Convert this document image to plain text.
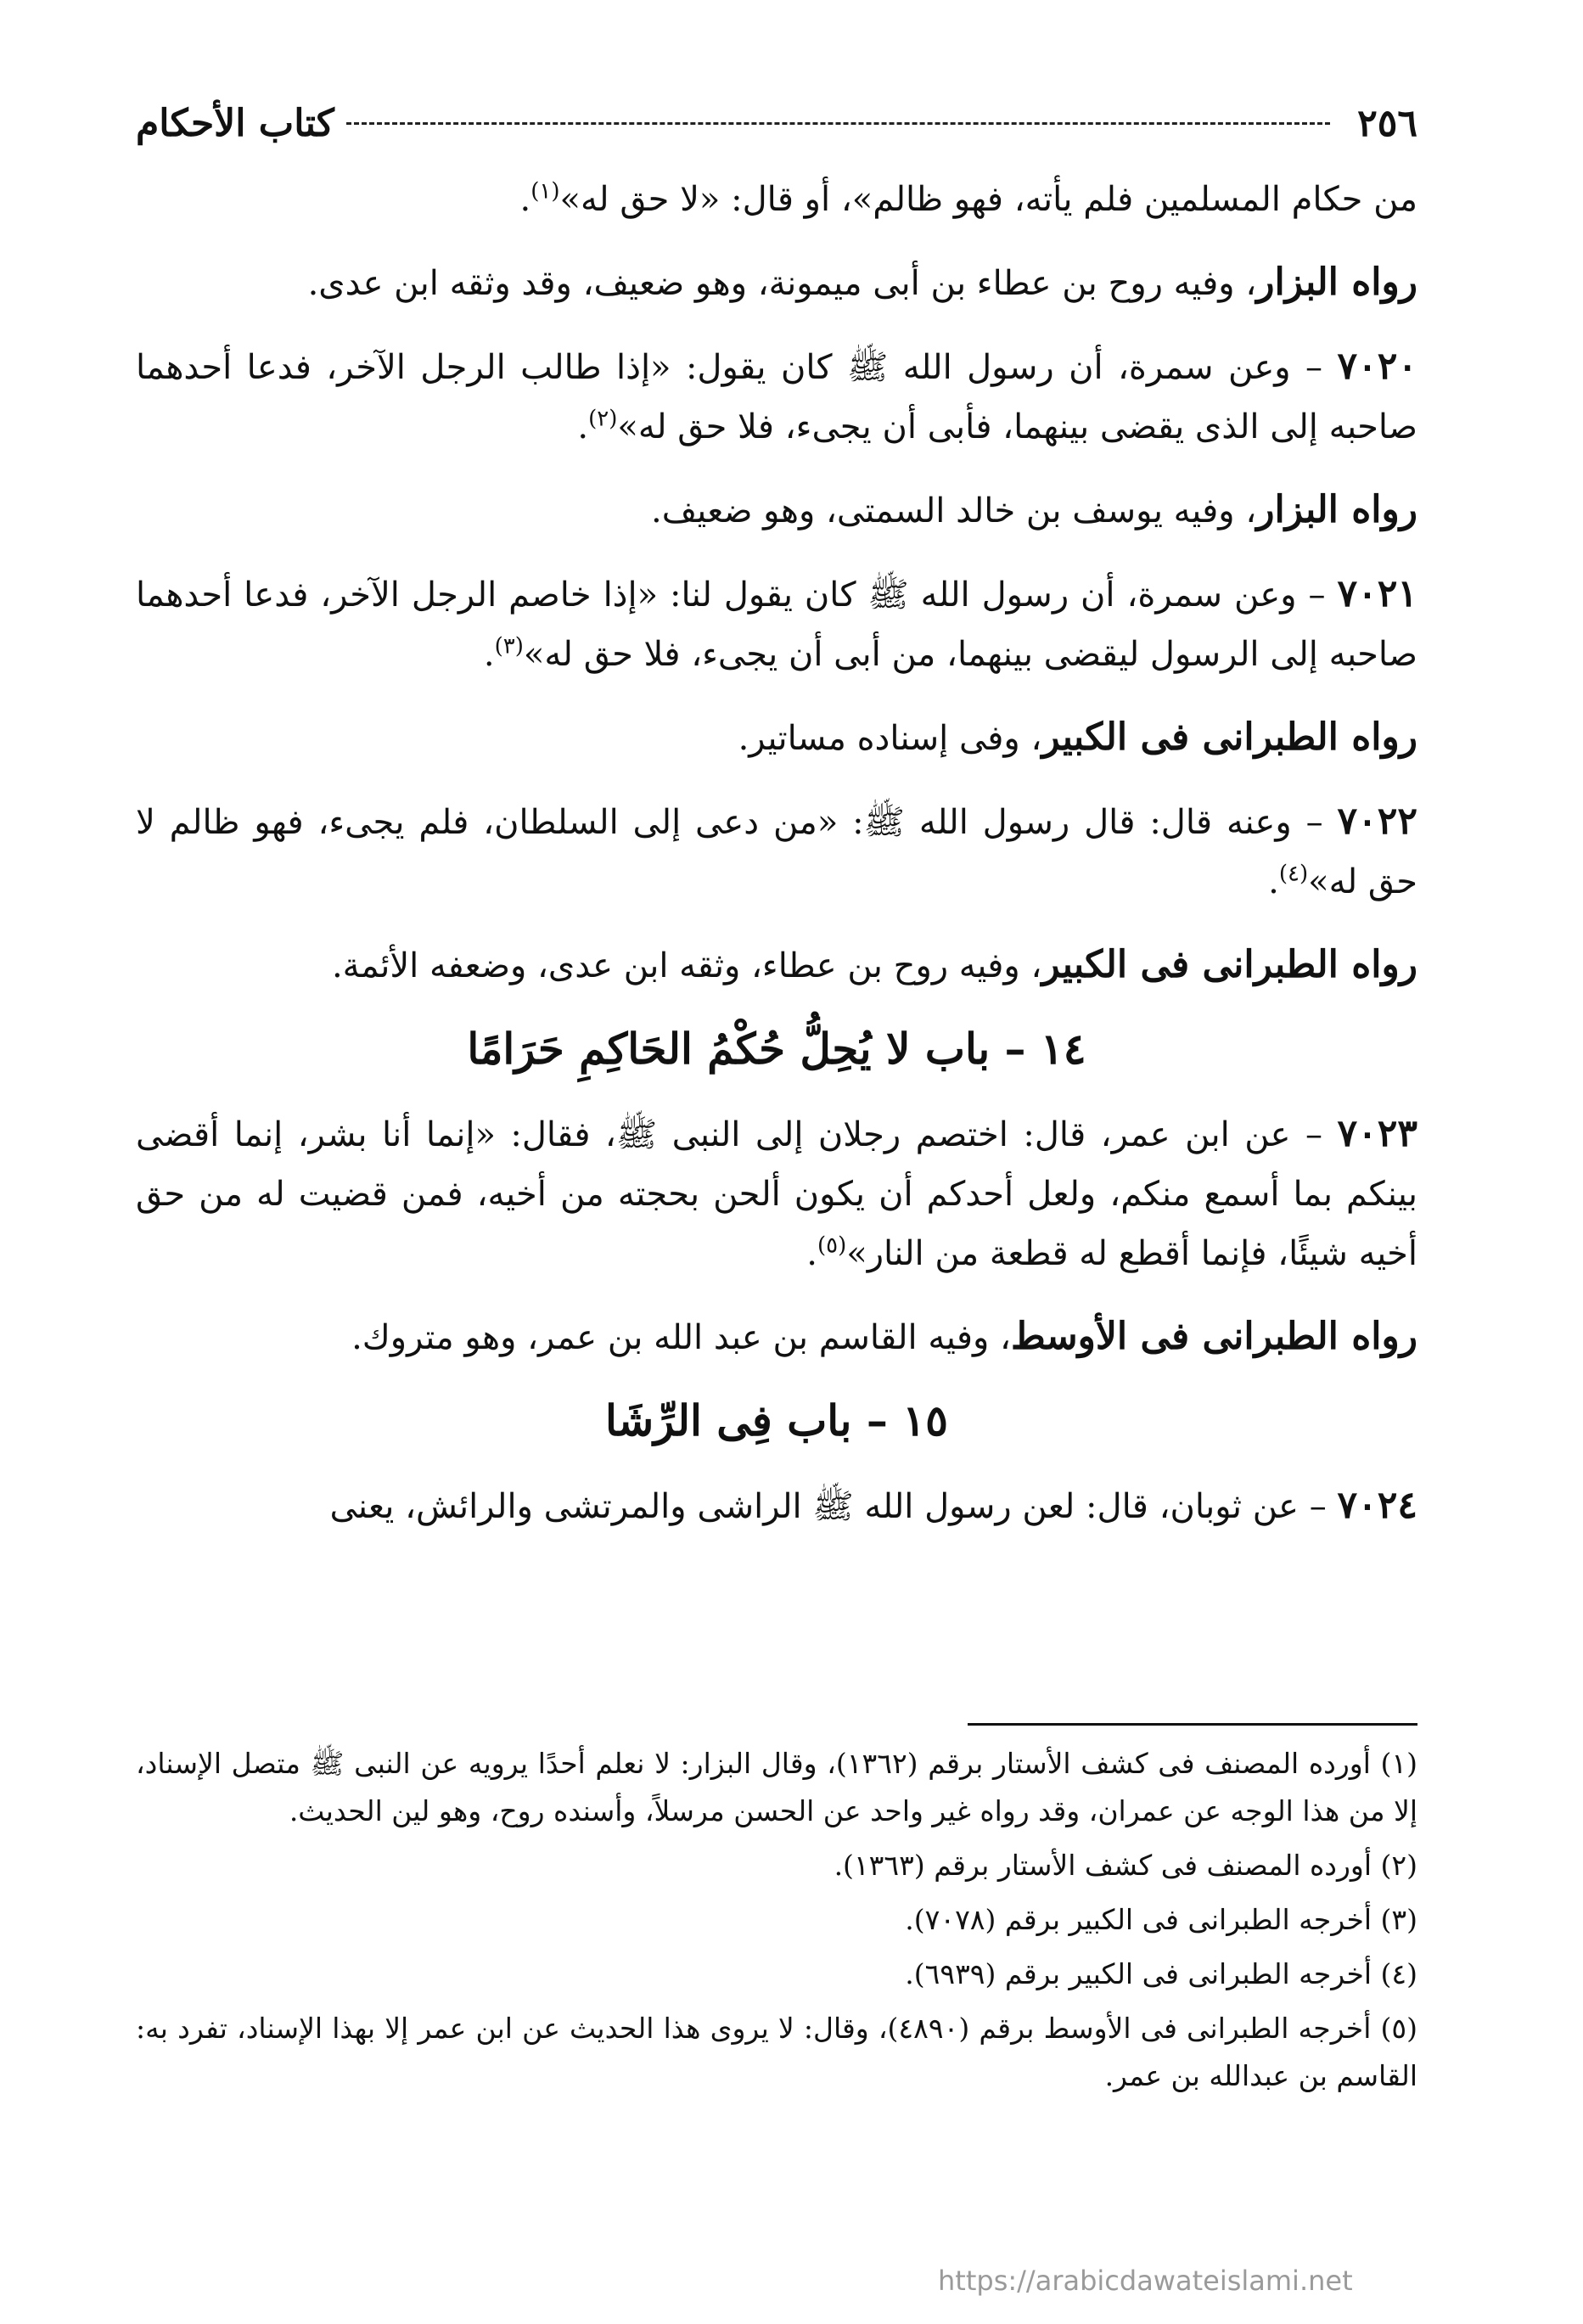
٢٥٦
كتاب الأحكام

من حكام المسلمين فلم يأته، فهو ظالم»، أو قال: «لا حق له»$^{(١)}$.

رواه البزار، وفيه روح بن عطاء بن أبى ميمونة، وهو ضعيف، وقد وثقه ابن عدى.

٧٠٢٠ – وعن سمرة، أن رسول الله ﷺ كان يقول: «إذا طالب الرجل الآخر، فدعا أحدهما صاحبه إلى الذى يقضى بينهما، فأبى أن يجىء، فلا حق له»$^{(٢)}$.

رواه البزار، وفيه يوسف بن خالد السمتى، وهو ضعيف.

٧٠٢١ – وعن سمرة، أن رسول الله ﷺ كان يقول لنا: «إذا خاصم الرجل الآخر، فدعا أحدهما صاحبه إلى الرسول ليقضى بينهما، من أبى أن يجىء، فلا حق له»$^{(٣)}$.

رواه الطبرانى فى الكبير، وفى إسناده مساتير.

٧٠٢٢ – وعنه قال: قال رسول الله ﷺ: «من دعى إلى السلطان، فلم يجىء، فهو ظالم لا حق له»$^{(٤)}$.

رواه الطبرانى فى الكبير، وفيه روح بن عطاء، وثقه ابن عدى، وضعفه الأئمة.

١٤ – باب لا يُحِلُّ حُكْمُ الحَاكِمِ حَرَامًا

٧٠٢٣ – عن ابن عمر، قال: اختصم رجلان إلى النبى ﷺ، فقال: «إنما أنا بشر، إنما أقضى بينكم بما أسمع منكم، ولعل أحدكم أن يكون ألحن بحجته من أخيه، فمن قضيت له من حق أخيه شيئًا، فإنما أقطع له قطعة من النار»$^{(٥)}$.

رواه الطبرانى فى الأوسط، وفيه القاسم بن عبد الله بن عمر، وهو متروك.

١٥ – باب فِى الرِّشَا

٧٠٢٤ – عن ثوبان، قال: لعن رسول الله ﷺ الراشى والمرتشى والرائش، يعنى

(١) أورده المصنف فى كشف الأستار برقم (١٣٦٢)، وقال البزار: لا نعلم أحدًا يرويه عن النبى ﷺ متصل الإسناد، إلا من هذا الوجه عن عمران، وقد رواه غير واحد عن الحسن مرسلاً، وأسنده روح، وهو لين الحديث.

(٢) أورده المصنف فى كشف الأستار برقم (١٣٦٣).

(٣) أخرجه الطبرانى فى الكبير برقم (٧٠٧٨).

(٤) أخرجه الطبرانى فى الكبير برقم (٦٩٣٩).

(٥) أخرجه الطبرانى فى الأوسط برقم (٤٨٩٠)، وقال: لا يروى هذا الحديث عن ابن عمر إلا بهذا الإسناد، تفرد به: القاسم بن عبدالله بن عمر.

https://arabicdawateislami.net
